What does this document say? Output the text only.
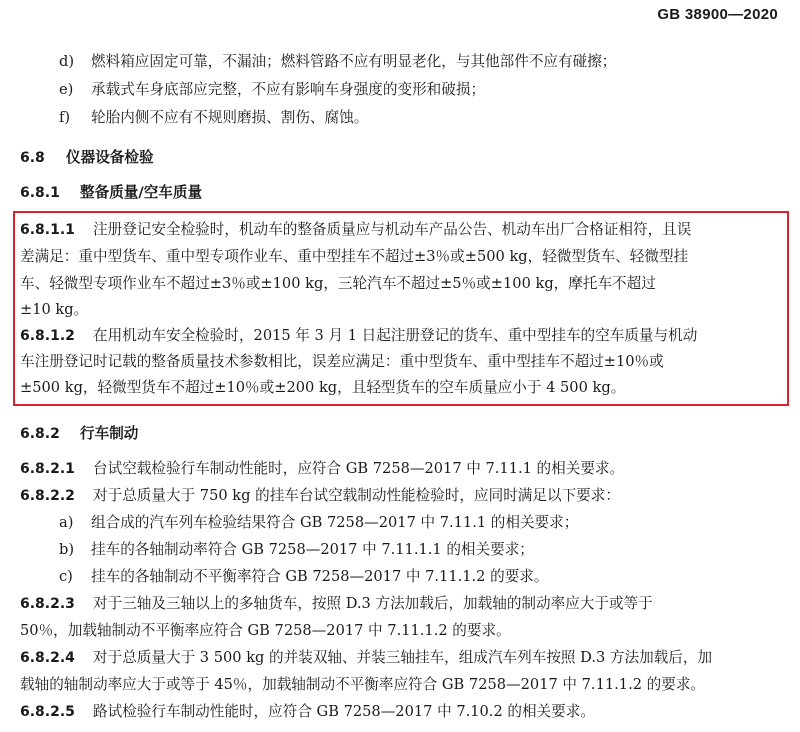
GB 38900—2020
d) 燃料箱应固定可靠，不漏油；燃料管路不应有明显老化，与其他部件不应有碰擦；
e) 承载式车身底部应完整，不应有影响车身强度的变形和破损；
f) 轮胎内侧不应有不规则磨损、割伤、腐蚀。
6.8 仪器设备检验
6.8.1 整备质量/空车质量
6.8.1.1 注册登记安全检验时，机动车的整备质量应与机动车产品公告、机动车出厂合格证相符，且误
差满足：重中型货车、重中型专项作业车、重中型挂车不超过±3％或±500 kg，轻微型货车、轻微型挂
车、轻微型专项作业车不超过±3％或±100 kg，三轮汽车不超过±5％或±100 kg，摩托车不超过
±10 kg。
6.8.1.2 在用机动车安全检验时，2015 年 3 月 1 日起注册登记的货车、重中型挂车的空车质量与机动
车注册登记时记载的整备质量技术参数相比，误差应满足：重中型货车、重中型挂车不超过±10％或
±500 kg，轻微型货车不超过±10％或±200 kg，且轻型货车的空车质量应小于 4 500 kg。
6.8.2 行车制动
6.8.2.1 台试空载检验行车制动性能时，应符合 GB 7258—2017 中 7.11.1 的相关要求。
6.8.2.2 对于总质量大于 750 kg 的挂车台试空载制动性能检验时，应同时满足以下要求：
a) 组合成的汽车列车检验结果符合 GB 7258—2017 中 7.11.1 的相关要求；
b) 挂车的各轴制动率符合 GB 7258—2017 中 7.11.1.1 的相关要求；
c) 挂车的各轴制动不平衡率符合 GB 7258—2017 中 7.11.1.2 的要求。
6.8.2.3 对于三轴及三轴以上的多轴货车，按照 D.3 方法加载后，加载轴的制动率应大于或等于
50％，加载轴制动不平衡率应符合 GB 7258—2017 中 7.11.1.2 的要求。
6.8.2.4 对于总质量大于 3 500 kg 的并装双轴、并装三轴挂车，组成汽车列车按照 D.3 方法加载后，加
载轴的轴制动率应大于或等于 45％，加载轴制动不平衡率应符合 GB 7258—2017 中 7.11.1.2 的要求。
6.8.2.5 路试检验行车制动性能时，应符合 GB 7258—2017 中 7.10.2 的相关要求。
